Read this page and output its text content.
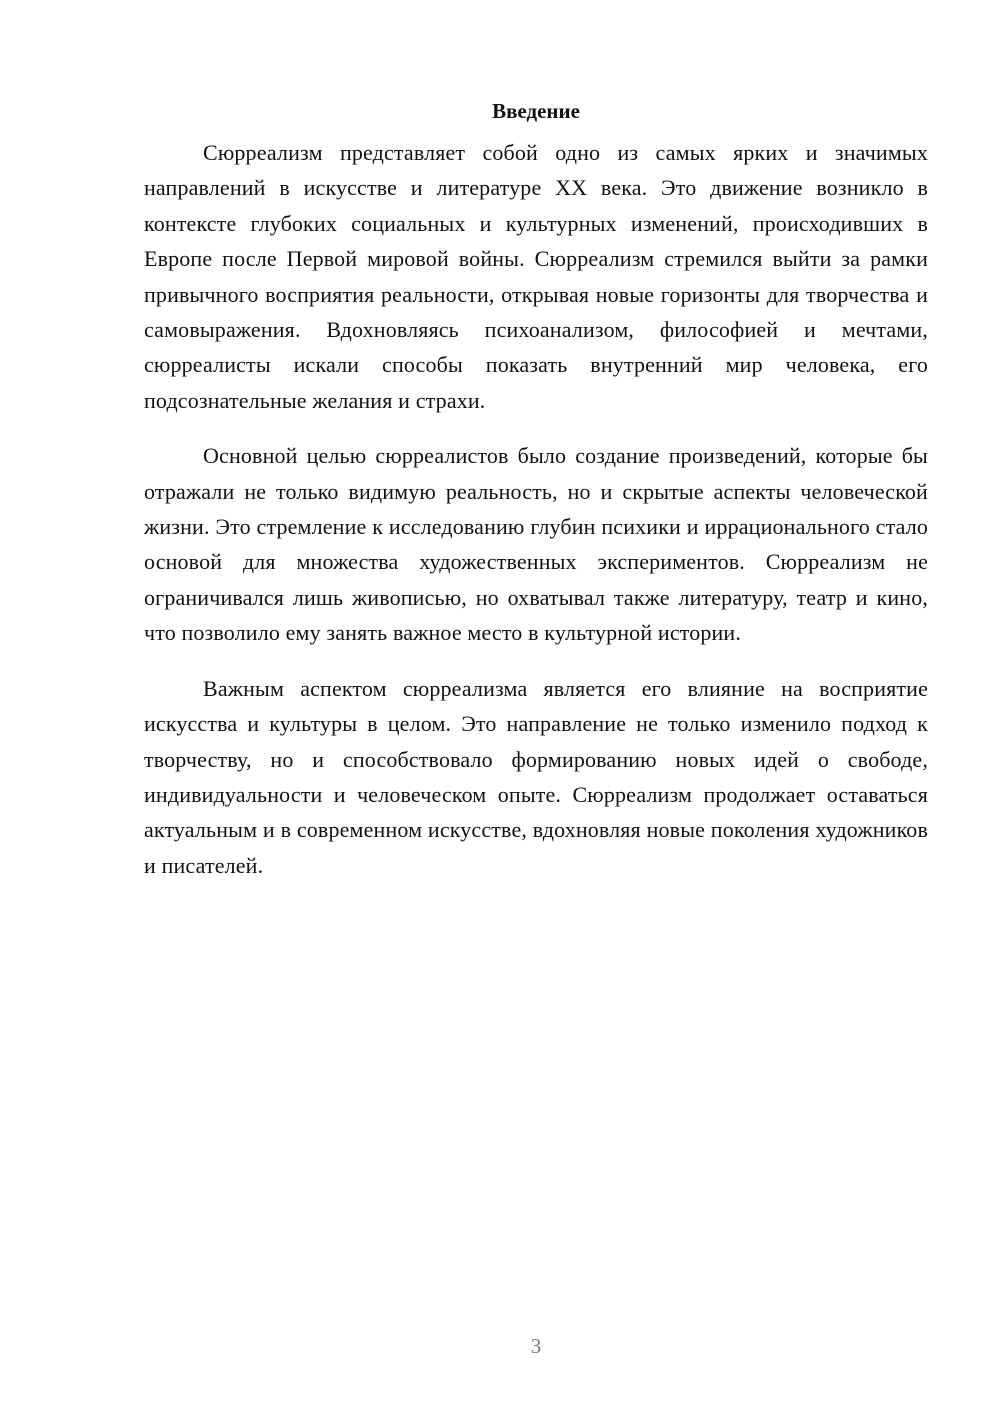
Введение

Сюрреализм представляет собой одно из самых ярких и значимых направлений в искусстве и литературе XX века. Это движение возникло в контексте глубоких социальных и культурных изменений, происходивших в Европе после Первой мировой войны. Сюрреализм стремился выйти за рамки привычного восприятия реальности, открывая новые горизонты для творчества и самовыражения. Вдохновляясь психоанализом, философией и мечтами, сюрреалисты искали способы показать внутренний мир человека, его подсознательные желания и страхи.

Основной целью сюрреалистов было создание произведений, которые бы отражали не только видимую реальность, но и скрытые аспекты человеческой жизни. Это стремление к исследованию глубин психики и иррационального стало основой для множества художественных экспериментов. Сюрреализм не ограничивался лишь живописью, но охватывал также литературу, театр и кино, что позволило ему занять важное место в культурной истории.

Важным аспектом сюрреализма является его влияние на восприятие искусства и культуры в целом. Это направление не только изменило подход к творчеству, но и способствовало формированию новых идей о свободе, индивидуальности и человеческом опыте. Сюрреализм продолжает оставаться актуальным и в современном искусстве, вдохновляя новые поколения художников и писателей.

3
